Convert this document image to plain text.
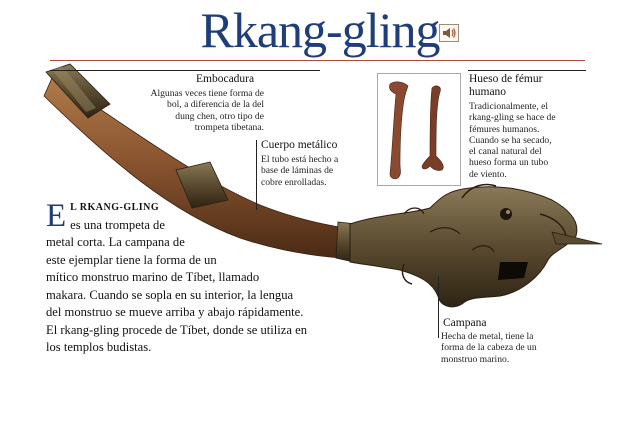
Rkang-gling
Embocadura
Algunas veces tiene forma de
bol, a diferencia de la del
dung chen, otro tipo de
trompeta tibetana.
Cuerpo metálico
El tubo está hecho a
base de láminas de
cobre enrolladas.
Hueso de fémur
humano
Tradicionalmente, el
rkang-gling se hace de
fémures humanos.
Cuando se ha secado,
el canal natural del
hueso forma un tubo
de viento.
Campana
Hecha de metal, tiene la
forma de la cabeza de un
monstruo marino.
E L RKANG-GLING
es una trompeta de
metal corta. La campana de
este ejemplar tiene la forma de un
mítico monstruo marino de Tíbet, llamado
makara. Cuando se sopla en su interior, la lengua
del monstruo se mueve arriba y abajo rápidamente.
El rkang-gling procede de Tíbet, donde se utiliza en
los templos budistas.
